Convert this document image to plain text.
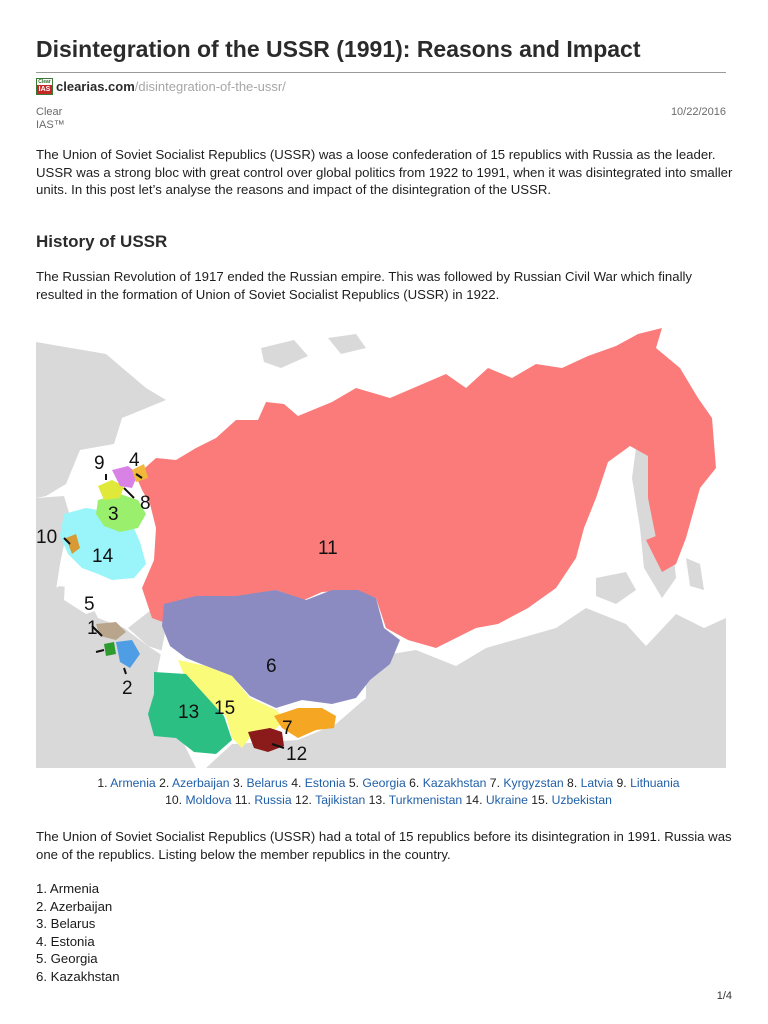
Disintegration of the USSR (1991): Reasons and Impact
Clear
IAS clearias.com /disintegration-of-the-ussr/
Clear
IAS™
10/22/2016

The Union of Soviet Socialist Republics (USSR) was a loose confederation of 15 republics with Russia as the leader. USSR was a strong bloc with great control over global politics from 1922 to 1991, when it was disintegrated into smaller units. In this post let’s analyse the reasons and impact of the disintegration of the USSR.

History of USSR

The Russian Revolution of 1917 ended the Russian empire. This was followed by Russian Civil War which finally resulted in the formation of Union of Soviet Socialist Republics (USSR) in 1922.

1
2
3
4
5
6
7
8
9
10
11
12
13
14
15
1. Armenia 2. Azerbaijan 3. Belarus 4. Estonia 5. Georgia 6. Kazakhstan 7. Kyrgyzstan 8. Latvia 9. Lithuania
10. Moldova 11. Russia 12. Tajikistan 13. Turkmenistan 14. Ukraine 15. Uzbekistan

The Union of Soviet Socialist Republics (USSR) had a total of 15 republics before its disintegration in 1991. Russia was one of the republics. Listing below the member republics in the country.

1. Armenia
2. Azerbaijan
3. Belarus
4. Estonia
5. Georgia
6. Kazakhstan
1/4
